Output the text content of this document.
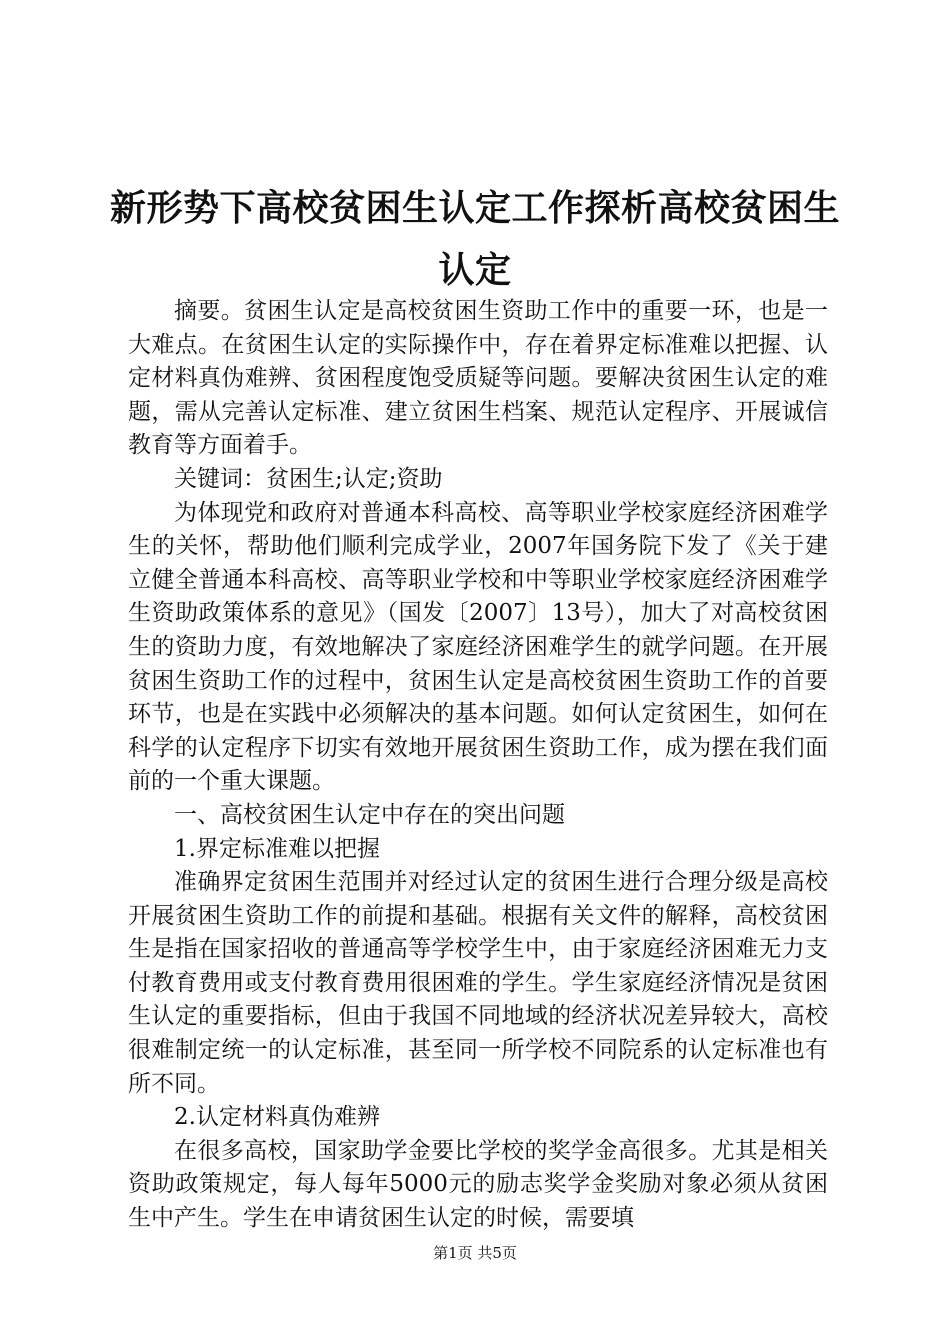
新形势下高校贫困生认定工作探析高校贫困生认定

摘要。贫困生认定是高校贫困生资助工作中的重要一环，也是一大难点。在贫困生认定的实际操作中，存在着界定标准难以把握、认定材料真伪难辨、贫困程度饱受质疑等问题。要解决贫困生认定的难题，需从完善认定标准、建立贫困生档案、规范认定程序、开展诚信教育等方面着手。

关键词：贫困生;认定;资助

为体现党和政府对普通本科高校、高等职业学校家庭经济困难学生的关怀，帮助他们顺利完成学业，2007年国务院下发了《关于建立健全普通本科高校、高等职业学校和中等职业学校家庭经济困难学生资助政策体系的意见》（国发〔2007〕13号），加大了对高校贫困生的资助力度，有效地解决了家庭经济困难学生的就学问题。在开展贫困生资助工作的过程中，贫困生认定是高校贫困生资助工作的首要环节，也是在实践中必须解决的基本问题。如何认定贫困生，如何在科学的认定程序下切实有效地开展贫困生资助工作，成为摆在我们面前的一个重大课题。

一、高校贫困生认定中存在的突出问题

1.界定标准难以把握

准确界定贫困生范围并对经过认定的贫困生进行合理分级是高校开展贫困生资助工作的前提和基础。根据有关文件的解释，高校贫困生是指在国家招收的普通高等学校学生中，由于家庭经济困难无力支付教育费用或支付教育费用很困难的学生。学生家庭经济情况是贫困生认定的重要指标，但由于我国不同地域的经济状况差异较大，高校很难制定统一的认定标准，甚至同一所学校不同院系的认定标准也有所不同。

2.认定材料真伪难辨

在很多高校，国家助学金要比学校的奖学金高很多。尤其是相关资助政策规定，每人每年5000元的励志奖学金奖励对象必须从贫困生中产生。学生在申请贫困生认定的时候，需要填

第1页 共5页
